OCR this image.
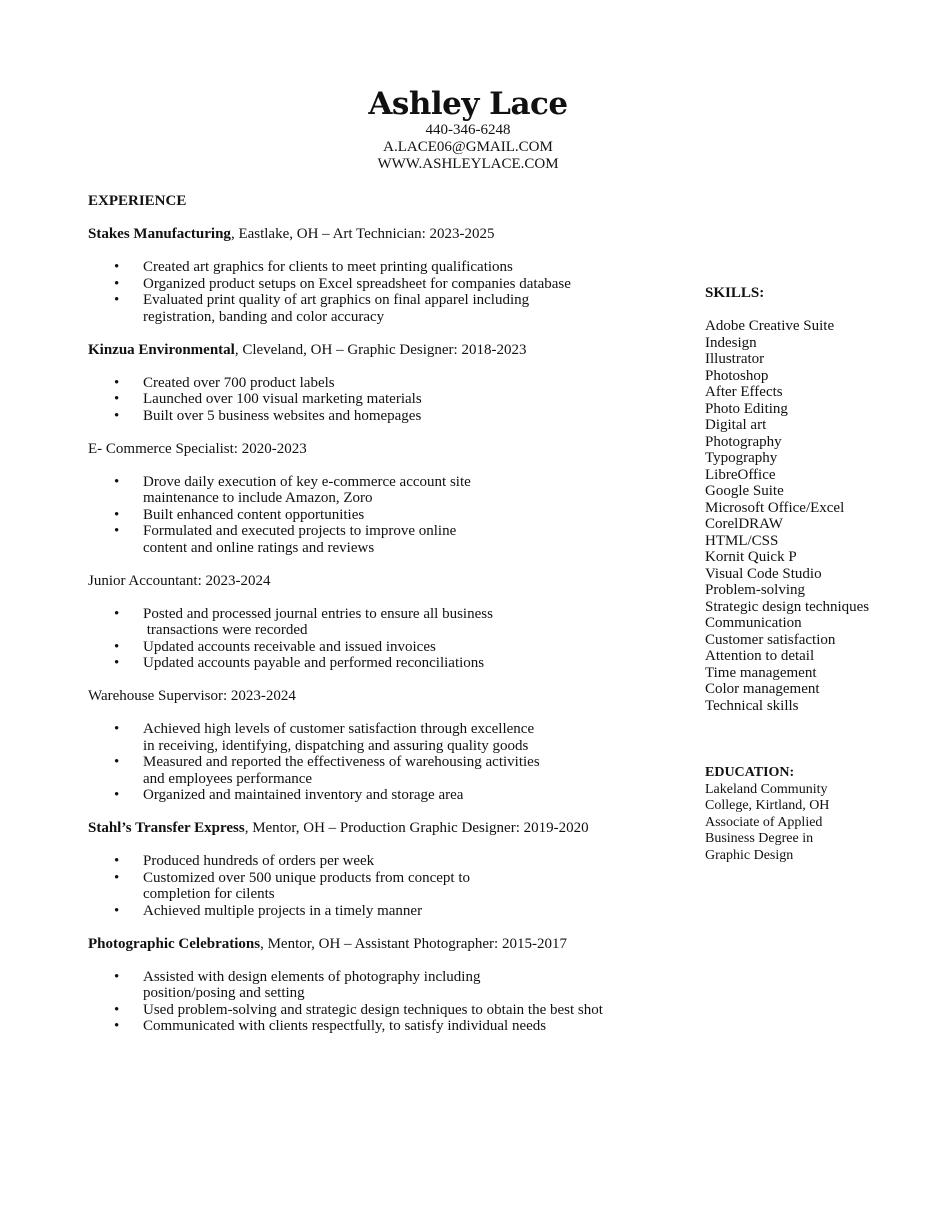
Ashley Lace
440-346-6248
A.LACE06@GMAIL.COM
WWW.ASHLEYLACE.COM
EXPERIENCE
Stakes Manufacturing, Eastlake, OH – Art Technician: 2023-2025
• Created art graphics for clients to meet printing qualifications
• Organized product setups on Excel spreadsheet for companies database
• Evaluated print quality of art graphics on final apparel including
registration, banding and color accuracy
Kinzua Environmental, Cleveland, OH – Graphic Designer: 2018-2023
• Created over 700 product labels
• Launched over 100 visual marketing materials
• Built over 5 business websites and homepages
E- Commerce Specialist: 2020-2023
• Drove daily execution of key e-commerce account site
maintenance to include Amazon, Zoro
• Built enhanced content opportunities
• Formulated and executed projects to improve online
content and online ratings and reviews
Junior Accountant: 2023-2024
• Posted and processed journal entries to ensure all business
transactions were recorded
• Updated accounts receivable and issued invoices
• Updated accounts payable and performed reconciliations
Warehouse Supervisor: 2023-2024
• Achieved high levels of customer satisfaction through excellence
in receiving, identifying, dispatching and assuring quality goods
• Measured and reported the effectiveness of warehousing activities
and employees performance
• Organized and maintained inventory and storage area
Stahl’s Transfer Express, Mentor, OH – Production Graphic Designer: 2019-2020
• Produced hundreds of orders per week
• Customized over 500 unique products from concept to
completion for cilents
• Achieved multiple projects in a timely manner
Photographic Celebrations, Mentor, OH – Assistant Photographer: 2015-2017
• Assisted with design elements of photography including
position/posing and setting
• Used problem-solving and strategic design techniques to obtain the best shot
• Communicated with clients respectfully, to satisfy individual needs
SKILLS:
Adobe Creative Suite
Indesign
Illustrator
Photoshop
After Effects
Photo Editing
Digital art
Photography
Typography
LibreOffice
Google Suite
Microsoft Office/Excel
CorelDRAW
HTML/CSS
Kornit Quick P
Visual Code Studio
Problem-solving
Strategic design techniques
Communication
Customer satisfaction
Attention to detail
Time management
Color management
Technical skills
EDUCATION:
Lakeland Community
College, Kirtland, OH
Associate of Applied
Business Degree in
Graphic Design
